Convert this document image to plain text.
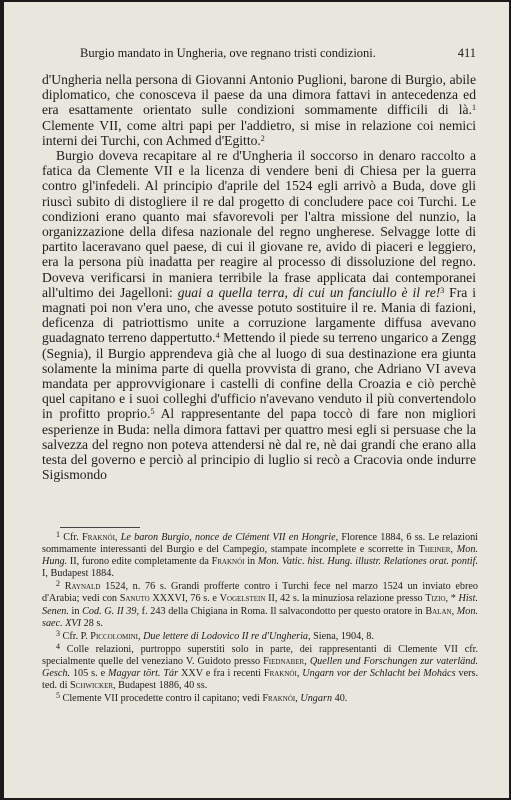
Burgio mandato in Ungheria, ove regnano tristi condizioni.	411

d'Ungheria nella persona di Giovanni Antonio Puglioni, barone di Burgio, abile diplomatico, che conosceva il paese da una dimora fattavi in antecedenza ed era esattamente orientato sulle condizioni sommamente difficili di là.$^1$ Clemente VII, come altri papi per l'addietro, si mise in relazione coi nemici interni dei Turchi, con Achmed d'Egitto.$^2$

Burgio doveva recapitare al re d'Ungheria il soccorso in denaro raccolto a fatica da Clemente VII e la licenza di vendere beni di Chiesa per la guerra contro gl'infedeli. Al principio d'aprile del 1524 egli arrivò a Buda, dove gli riuscì subito di distogliere il re dal progetto di concludere pace coi Turchi. Le condizioni erano quanto mai sfavorevoli per l'altra missione del nunzio, la organizzazione della difesa nazionale del regno ungherese. Selvagge lotte di partito laceravano quel paese, di cui il giovane re, avido di piaceri e leggiero, era la persona più inadatta per reagire al processo di dissoluzione del regno. Doveva verificarsi in maniera terribile la frase applicata dai contemporanei all'ultimo dei Jagelloni: guai a quella terra, di cui un fanciullo è il re!$^3$ Fra i magnati poi non v'era uno, che avesse potuto sostituire il re. Mania di fazioni, deficenza di patriottismo unite a corruzione largamente diffusa avevano guadagnato terreno dappertutto.$^4$ Mettendo il piede su terreno ungarico a Zengg (Segnia), il Burgio apprendeva già che al luogo di sua destinazione era giunta solamente la minima parte di quella provvista di grano, che Adriano VI aveva mandata per approvvigionare i castelli di confine della Croazia e ciò perchè quel capitano e i suoi colleghi d'ufficio n'avevano venduto il più convertendolo in profitto proprio.$^5$ Al rappresentante del papa toccò di fare non migliori esperienze in Buda: nella dimora fattavi per quattro mesi egli si persuase che la salvezza del regno non poteva attendersi nè dal re, nè dai grandi che erano alla testa del governo e perciò al principio di luglio si recò a Cracovia onde indurre Sigismondo

$^1$ Cfr. Fraknói, Le baron Burgio, nonce de Clément VII en Hongrie, Florence 1884, 6 ss. Le relazioni sommamente interessanti del Burgio e del Campegio, stampate incomplete e scorrette in Theiner, Mon. Hung. II, furono edite completamente da Fraknói in Mon. Vatic. hist. Hung. illustr. Relationes orat. pontif. I, Budapest 1884.

$^2$ Raynald 1524, n. 76 s. Grandi profferte contro i Turchi fece nel marzo 1524 un inviato ebreo d'Arabia; vedi con Sanuto XXXVI, 76 s. e Vogelstein II, 42 s. la minuziosa relazione presso Tizio, * Hist. Senen. in Cod. G. II 39, f. 243 della Chigiana in Roma. Il salvacondotto per questo oratore in Balan, Mon. saec. XVI 28 s.

$^3$ Cfr. P. Piccolomini, Due lettere di Lodovico II re d'Ungheria, Siena, 1904, 8.

$^4$ Colle relazioni, purtroppo superstiti solo in parte, dei rappresentanti di Clemente VII cfr. specialmente quelle del veneziano V. Guidoto presso Fiednaber, Quellen und Forschungen zur vaterländ. Gesch. 105 s. e Magyar tört. Tár XXV e fra i recenti Fraknói, Ungarn vor der Schlacht bei Mohács vers. ted. di Schwicker, Budapest 1886, 40 ss.

$^5$ Clemente VII procedette contro il capitano; vedi Fraknói, Ungarn 40.
